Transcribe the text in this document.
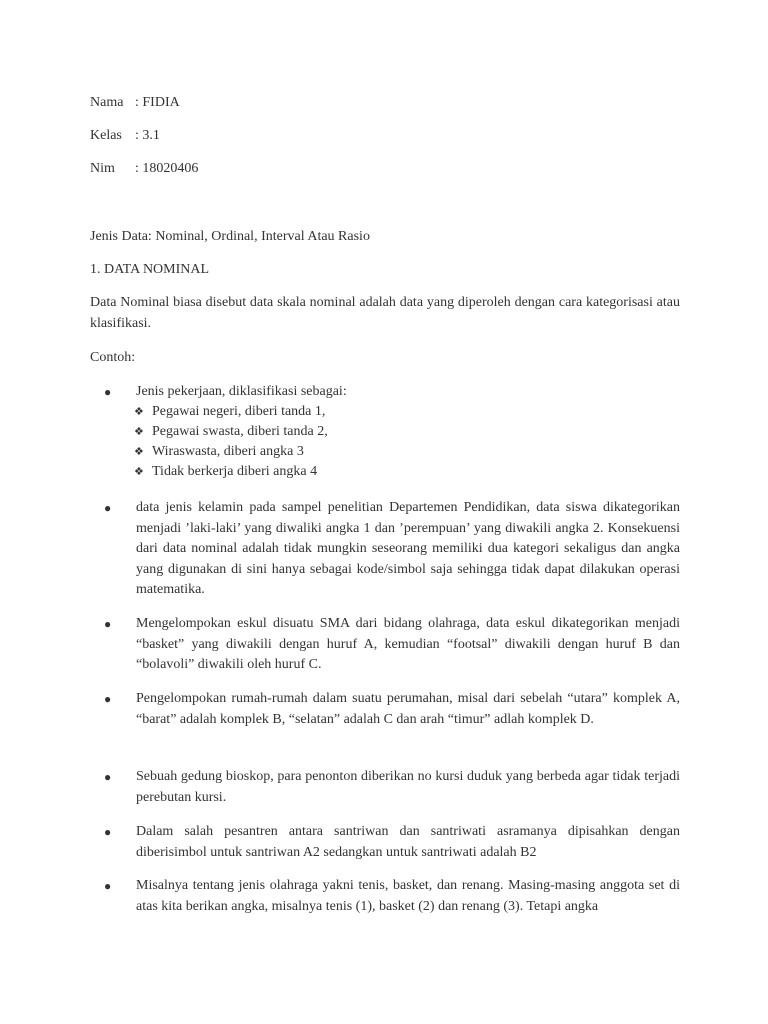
Nama : FIDIA
Kelas : 3.1
Nim : 18020406
Jenis Data: Nominal, Ordinal, Interval Atau Rasio
1. DATA NOMINAL
Data Nominal biasa disebut data skala nominal adalah data yang diperoleh dengan cara kategorisasi atau klasifikasi.
Contoh:
●	Jenis pekerjaan, diklasifikasi sebagai:
❖ Pegawai negeri, diberi tanda 1,
❖ Pegawai swasta, diberi tanda 2,
❖ Wiraswasta, diberi angka 3
❖ Tidak berkerja diberi angka 4
●	data jenis kelamin pada sampel penelitian Departemen Pendidikan, data siswa dikategorikan menjadi ’laki-laki’ yang diwaliki angka 1 dan ’perempuan’ yang diwakili angka 2. Konsekuensi dari data nominal adalah tidak mungkin seseorang memiliki dua kategori sekaligus dan angka yang digunakan di sini hanya sebagai kode/simbol saja sehingga tidak dapat dilakukan operasi matematika.
●	Mengelompokan eskul disuatu SMA dari bidang olahraga, data eskul dikategorikan menjadi “basket” yang diwakili dengan huruf A, kemudian “footsal” diwakili dengan huruf B dan “bolavoli” diwakili oleh huruf C.
●	Pengelompokan rumah-rumah dalam suatu perumahan, misal dari sebelah “utara” komplek A, “barat” adalah komplek B, “selatan” adalah C dan arah “timur” adlah komplek D.
●	Sebuah gedung bioskop, para penonton diberikan no kursi duduk yang berbeda agar tidak terjadi perebutan kursi.
●	Dalam salah pesantren antara santriwan dan santriwati asramanya dipisahkan dengan diberisimbol untuk santriwan A2 sedangkan untuk santriwati adalah B2
●	Misalnya tentang jenis olahraga yakni tenis, basket, dan renang. Masing-masing anggota set di atas kita berikan angka, misalnya tenis (1), basket (2) dan renang (3). Tetapi angka
